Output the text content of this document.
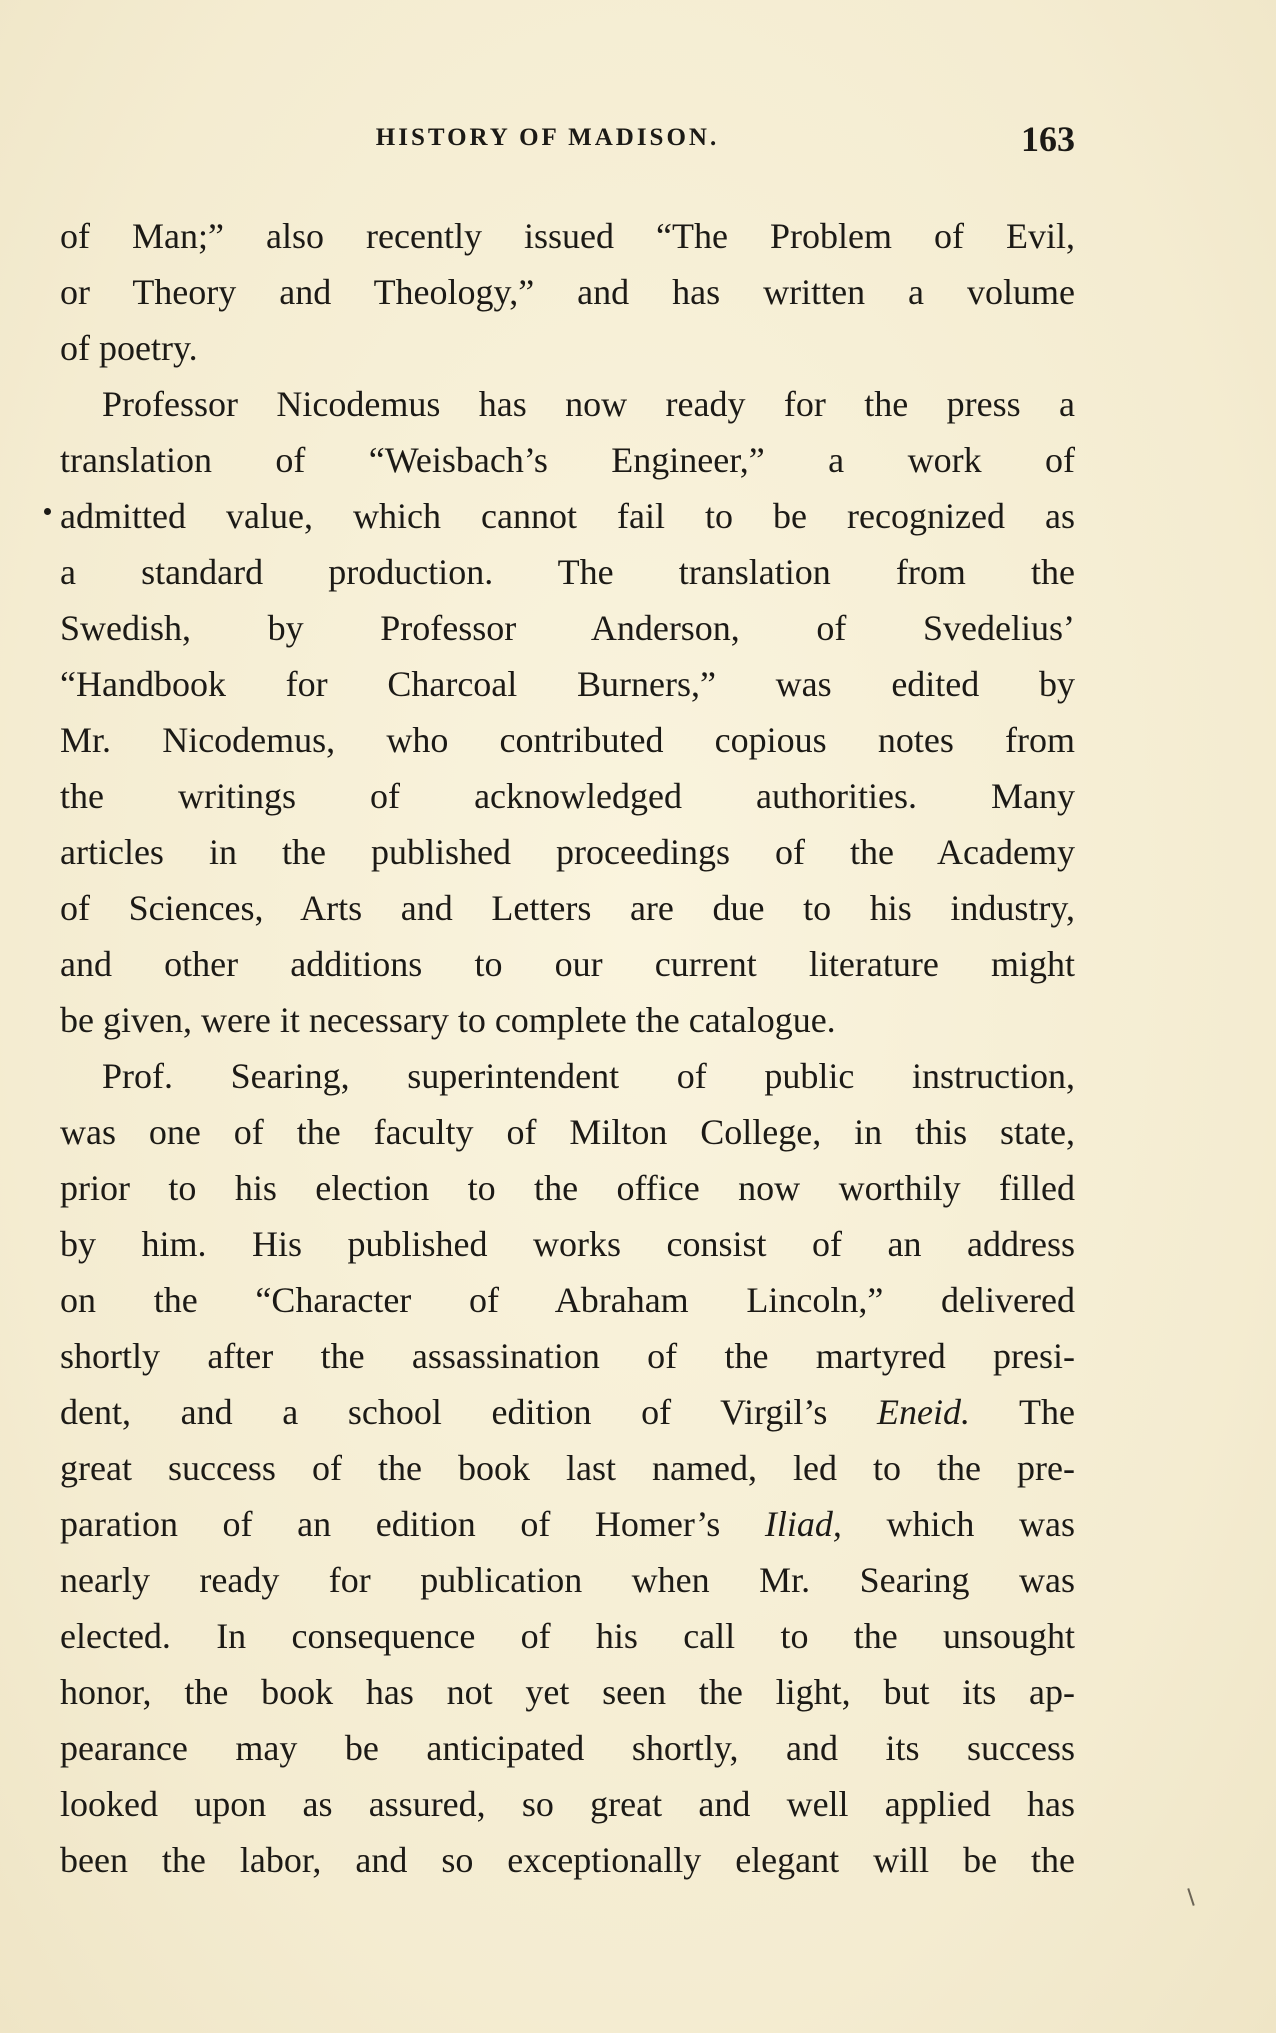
HISTORY OF MADISON.	163
of Man;” also recently issued “The Problem of Evil,
or Theory and Theology,” and has written a volume
of poetry.
Professor Nicodemus has now ready for the press a
translation of “Weisbach’s Engineer,” a work of
admitted value, which cannot fail to be recognized as
a standard production. The translation from the
Swedish, by Professor Anderson, of Svedelius’
“Handbook for Charcoal Burners,” was edited by
Mr. Nicodemus, who contributed copious notes from
the writings of acknowledged authorities. Many
articles in the published proceedings of the Academy
of Sciences, Arts and Letters are due to his industry,
and other additions to our current literature might
be given, were it necessary to complete the catalogue.
Prof. Searing, superintendent of public instruction,
was one of the faculty of Milton College, in this state,
prior to his election to the office now worthily filled
by him. His published works consist of an address
on the “Character of Abraham Lincoln,” delivered
shortly after the assassination of the martyred presi-
dent, and a school edition of Virgil’s Eneid. The
great success of the book last named, led to the pre-
paration of an edition of Homer’s Iliad, which was
nearly ready for publication when Mr. Searing was
elected. In consequence of his call to the unsought
honor, the book has not yet seen the light, but its ap-
pearance may be anticipated shortly, and its success
looked upon as assured, so great and well applied has
been the labor, and so exceptionally elegant will be the
